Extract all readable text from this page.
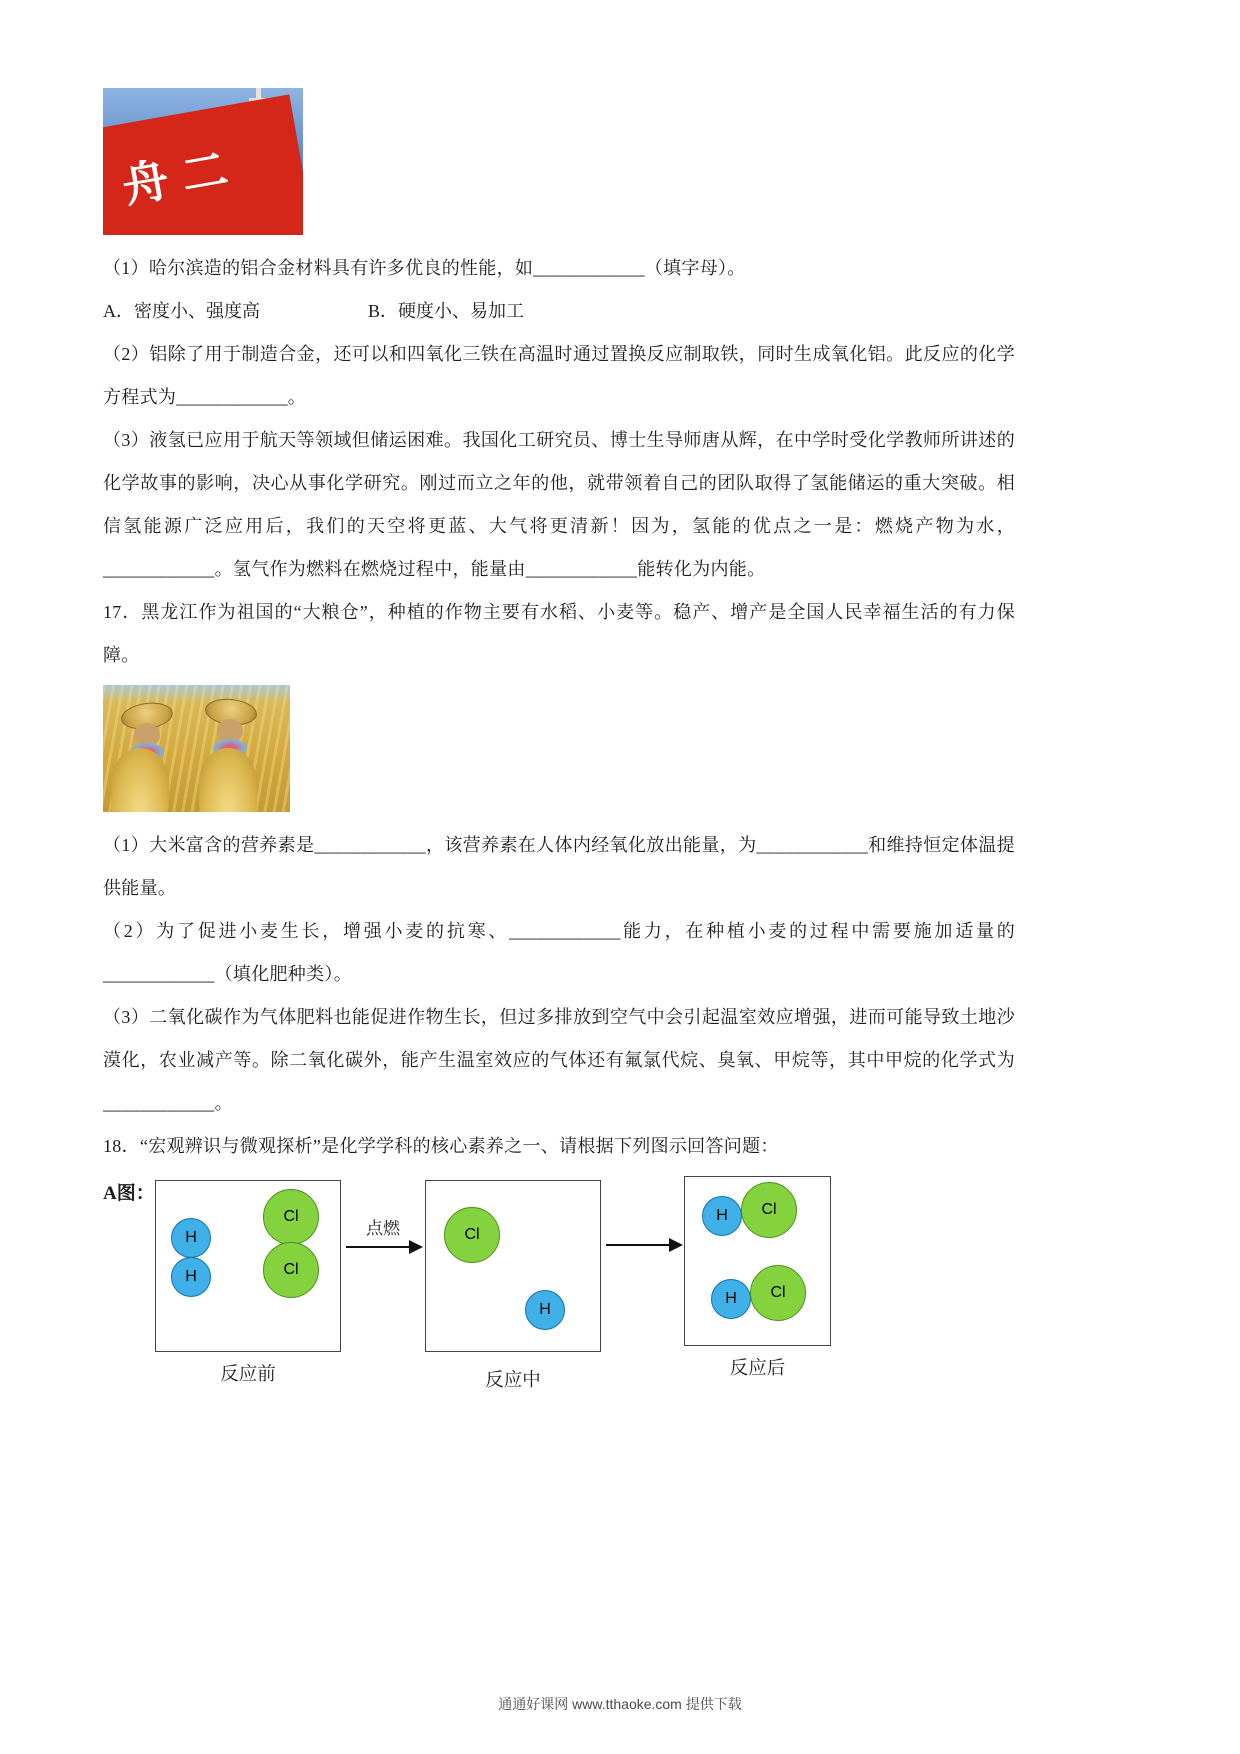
舟二

（1）哈尔滨造的铝合金材料具有许多优良的性能，如____________（填字母）。

A．密度小、强度高	B．硬度小、易加工

（2）铝除了用于制造合金，还可以和四氧化三铁在高温时通过置换反应制取铁，同时生成氧化铝。此反应的化学方程式为____________。

（3）液氢已应用于航天等领域但储运困难。我国化工研究员、博士生导师唐从辉，在中学时受化学教师所讲述的化学故事的影响，决心从事化学研究。刚过而立之年的他，就带领着自己的团队取得了氢能储运的重大突破。相信氢能源广泛应用后，我们的天空将更蓝、大气将更清新！因为，氢能的优点之一是：燃烧产物为水，____________。氢气作为燃料在燃烧过程中，能量由____________能转化为内能。

17．黑龙江作为祖国的“大粮仓”，种植的作物主要有水稻、小麦等。稳产、增产是全国人民幸福生活的有力保障。

（1）大米富含的营养素是____________，该营养素在人体内经氧化放出能量，为____________和维持恒定体温提供能量。

（2）为了促进小麦生长，增强小麦的抗寒、____________能力，在种植小麦的过程中需要施加适量的____________（填化肥种类）。

（3）二氧化碳作为气体肥料也能促进作物生长，但过多排放到空气中会引起温室效应增强，进而可能导致土地沙漠化，农业减产等。除二氧化碳外，能产生温室效应的气体还有氟氯代烷、臭氧、甲烷等，其中甲烷的化学式为____________。

18．“宏观辨识与微观探析”是化学学科的核心素养之一、请根据下列图示回答问题：

A图：
H
H
Cl
Cl
Cl
H
H	Cl
H	Cl
点燃
反应前	反应中
反应后
通通好课网 www.tthaoke.com 提供下载
